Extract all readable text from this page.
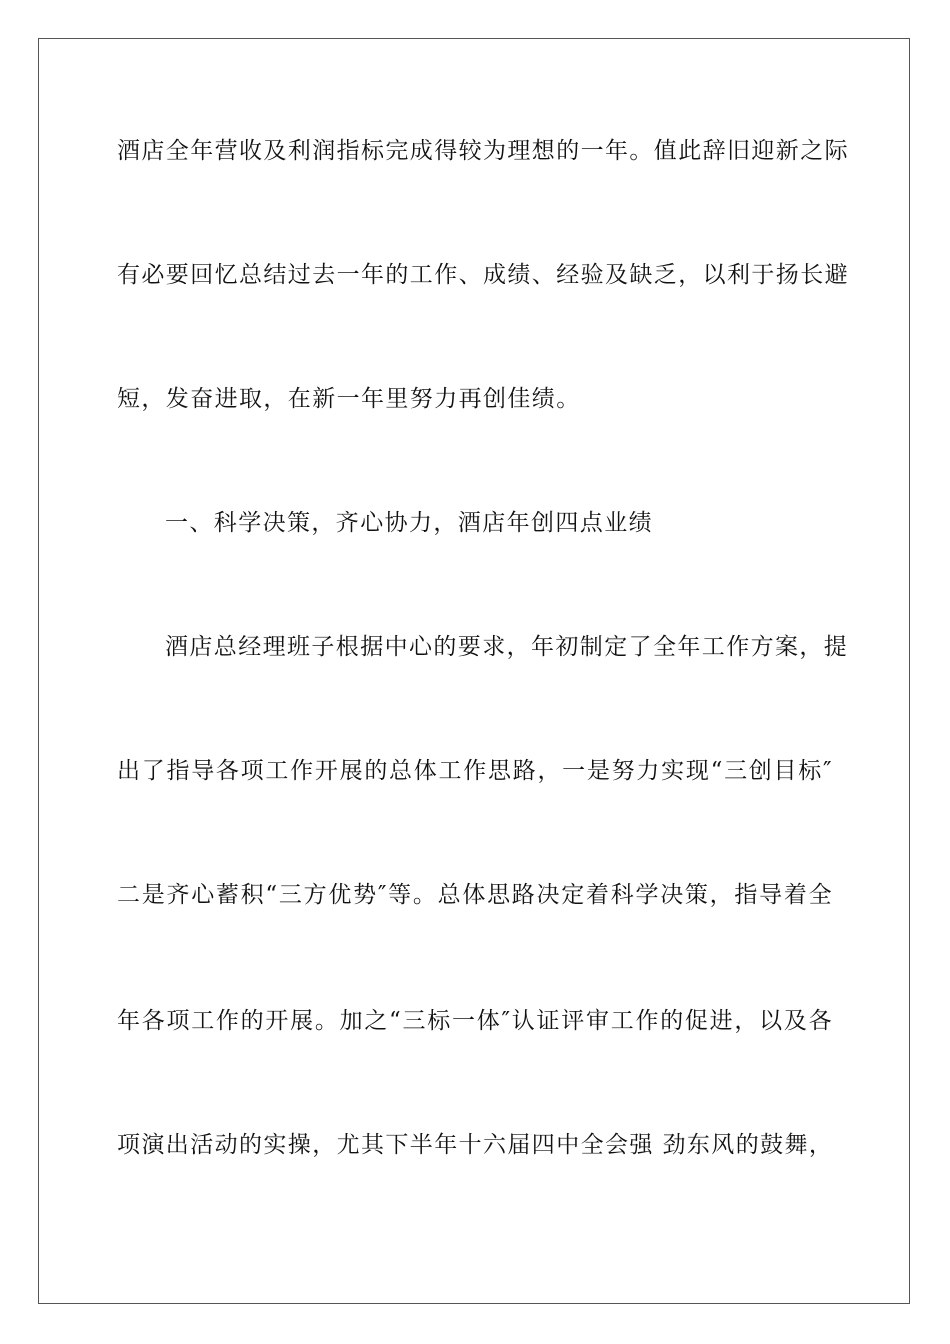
酒店全年营收及利润指标完成得较为理想的一年。值此辞旧迎新之际
有必要回忆总结过去一年的工作、成绩、经验及缺乏，以利于扬长避
短，发奋进取，在新一年里努力再创佳绩。
一、科学决策，齐心协力，酒店年创四点业绩
酒店总经理班子根据中心的要求，年初制定了全年工作方案，提
出了指导各项工作开展的总体工作思路，一是努力实现“三创目标″
二是齐心蓄积“三方优势″等。总体思路决定着科学决策，指导着全
年各项工作的开展。加之“三标一体″认证评审工作的促进，以及各
项演出活动的实操，尤其下半年十六届四中全会强 劲东风的鼓舞，
